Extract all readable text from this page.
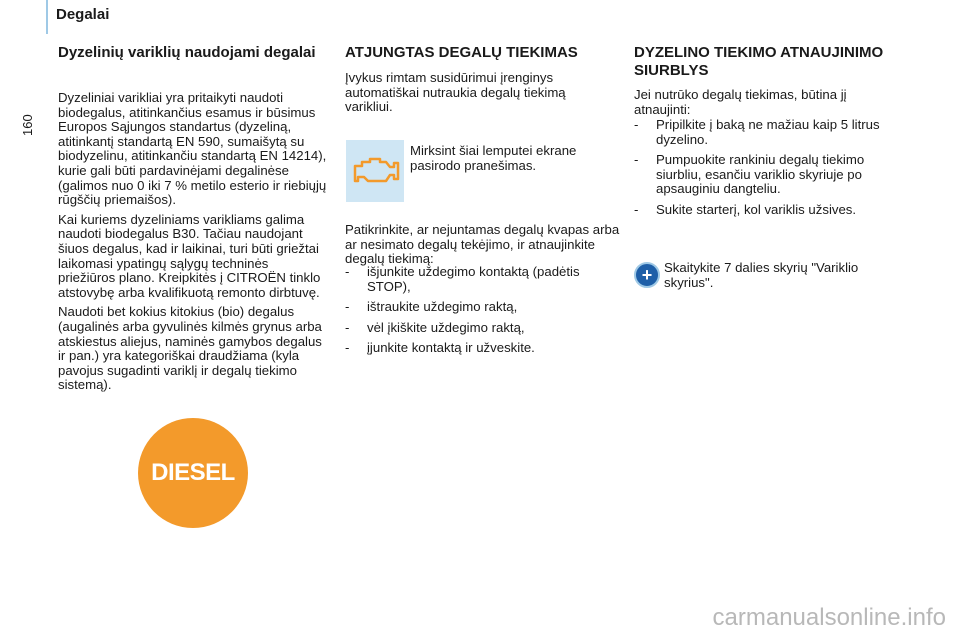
Degalai
160
Dyzelinių variklių naudojami degalai
Dyzeliniai varikliai yra pritaikyti naudoti biodegalus, atitinkančius esamus ir būsimus Europos Sąjungos standartus (dyzeliną, atitinkantį standartą EN 590, sumaišytą su biodyzelinu, atitinkančiu standartą EN 14214), kurie gali būti pardavinėjami degalinėse (galimos nuo 0 iki 7 % metilo esterio ir riebiųjų rūgščių priemaišos).
Kai kuriems dyzeliniams varikliams galima naudoti biodegalus B30. Tačiau naudojant šiuos degalus, kad ir laikinai, turi būti griežtai laikomasi ypatingų sąlygų techninės priežiūros plano. Kreipkitės į CITROËN tinklo atstovybę arba kvalifikuotą remonto dirbtuvę.
Naudoti bet kokius kitokius (bio) degalus (augalinės arba gyvulinės kilmės grynus arba atskiestus aliejus, naminės gamybos degalus ir pan.) yra kategoriškai draudžiama (kyla pavojus sugadinti variklį ir degalų tiekimo sistemą).
DIESEL
ATJUNGTAS DEGALŲ TIEKIMAS
Įvykus rimtam susidūrimui įrenginys automatiškai nutraukia degalų tiekimą varikliui.
Mirksint šiai lemputei ekrane pasirodo pranešimas.
Patikrinkite, ar nejuntamas degalų kvapas arba ar nesimato degalų tekėjimo, ir atnaujinkite degalų tiekimą:
- išjunkite uždegimo kontaktą (padėtis STOP),
- ištraukite uždegimo raktą,
- vėl įkiškite uždegimo raktą,
- įjunkite kontaktą ir užveskite.
DYZELINO TIEKIMO ATNAUJINIMO SIURBLYS
Jei nutrūko degalų tiekimas, būtina jį atnaujinti:
- Pripilkite į baką ne mažiau kaip 5 litrus dyzelino.
- Pumpuokite rankiniu degalų tiekimo siurbliu, esančiu variklio skyriuje po apsauginiu dangteliu.
- Sukite starterį, kol variklis užsives.
+ Skaitykite 7 dalies skyrių "Variklio skyrius".
carmanualsonline.info
